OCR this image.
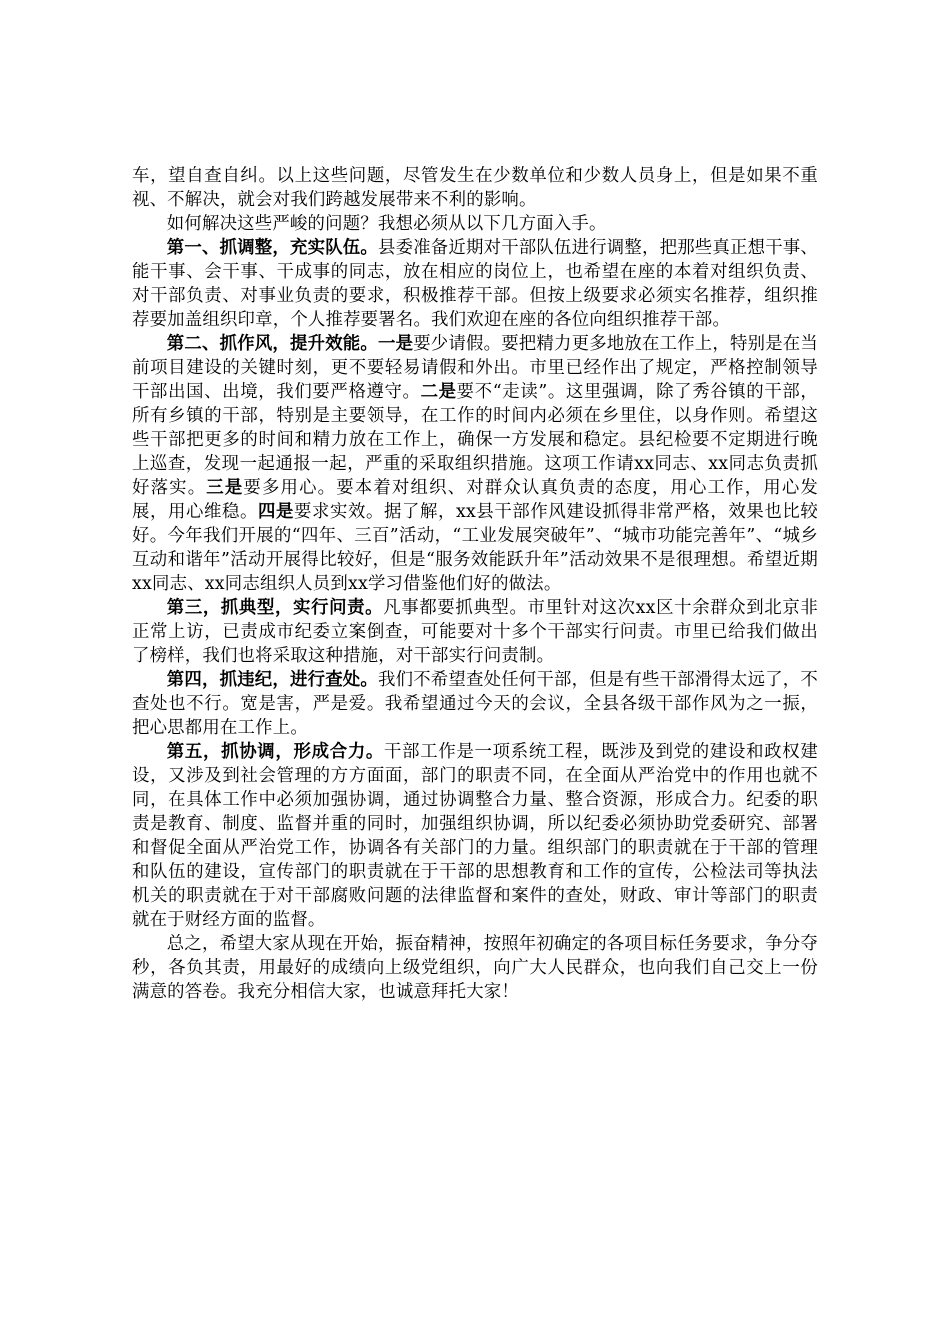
车，望自查自纠。以上这些问题，尽管发生在少数单位和少数人员身上，但是如果不重视、不解决，就会对我们跨越发展带来不利的影响。

如何解决这些严峻的问题？我想必须从以下几方面入手。

第一、抓调整，充实队伍。县委准备近期对干部队伍进行调整，把那些真正想干事、能干事、会干事、干成事的同志，放在相应的岗位上，也希望在座的本着对组织负责、对干部负责、对事业负责的要求，积极推荐干部。但按上级要求必须实名推荐，组织推荐要加盖组织印章，个人推荐要署名。我们欢迎在座的各位向组织推荐干部。

第二、抓作风，提升效能。一是要少请假。要把精力更多地放在工作上，特别是在当前项目建设的关键时刻，更不要轻易请假和外出。市里已经作出了规定，严格控制领导干部出国、出境，我们要严格遵守。二是要不“走读”。这里强调，除了秀谷镇的干部，所有乡镇的干部，特别是主要领导，在工作的时间内必须在乡里住，以身作则。希望这些干部把更多的时间和精力放在工作上，确保一方发展和稳定。县纪检要不定期进行晚上巡查，发现一起通报一起，严重的采取组织措施。这项工作请xx同志、xx同志负责抓好落实。三是要多用心。要本着对组织、对群众认真负责的态度，用心工作，用心发展，用心维稳。四是要求实效。据了解，xx县干部作风建设抓得非常严格，效果也比较好。今年我们开展的“四年、三百”活动，“工业发展突破年”、“城市功能完善年”、“城乡互动和谐年”活动开展得比较好，但是“服务效能跃升年”活动效果不是很理想。希望近期xx同志、xx同志组织人员到xx学习借鉴他们好的做法。

第三，抓典型，实行问责。凡事都要抓典型。市里针对这次xx区十余群众到北京非正常上访，已责成市纪委立案倒查，可能要对十多个干部实行问责。市里已给我们做出了榜样，我们也将采取这种措施，对干部实行问责制。

第四，抓违纪，进行查处。我们不希望查处任何干部，但是有些干部滑得太远了，不查处也不行。宽是害，严是爱。我希望通过今天的会议，全县各级干部作风为之一振，把心思都用在工作上。

第五，抓协调，形成合力。干部工作是一项系统工程，既涉及到党的建设和政权建设，又涉及到社会管理的方方面面，部门的职责不同，在全面从严治党中的作用也就不同，在具体工作中必须加强协调，通过协调整合力量、整合资源，形成合力。纪委的职责是教育、制度、监督并重的同时，加强组织协调，所以纪委必须协助党委研究、部署和督促全面从严治党工作，协调各有关部门的力量。组织部门的职责就在于干部的管理和队伍的建设，宣传部门的职责就在于干部的思想教育和工作的宣传，公检法司等执法机关的职责就在于对干部腐败问题的法律监督和案件的查处，财政、审计等部门的职责就在于财经方面的监督。

总之，希望大家从现在开始，振奋精神，按照年初确定的各项目标任务要求，争分夺秒，各负其责，用最好的成绩向上级党组织，向广大人民群众，也向我们自己交上一份满意的答卷。我充分相信大家，也诚意拜托大家！
